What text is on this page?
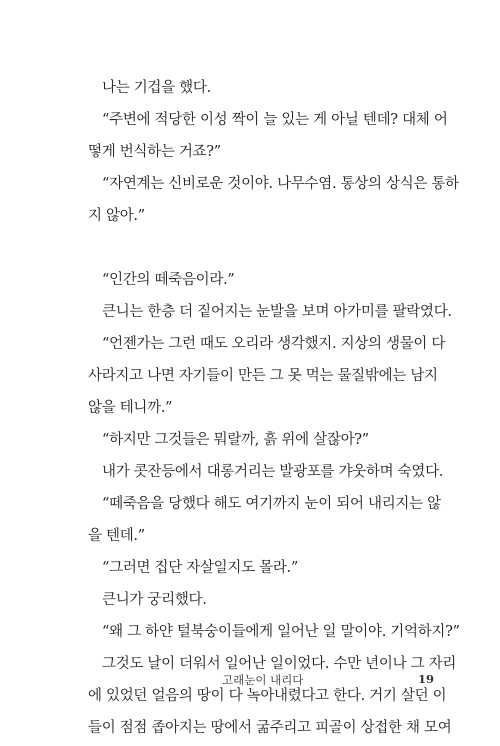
나는 기겁을 했다.

“주변에 적당한 이성 짝이 늘 있는 게 아닐 텐데? 대체 어
떻게 번식하는 거죠?”

“자연계는 신비로운 것이야. 나무수염. 통상의 상식은 통하
지 않아.”

“인간의 떼죽음이라.”

큰니는 한층 더 짙어지는 눈발을 보며 아가미를 팔락였다.

“언젠가는 그런 때도 오리라 생각했지. 지상의 생물이 다
사라지고 나면 자기들이 만든 그 못 먹는 물질밖에는 남지
않을 테니까.”

“하지만 그것들은 뭐랄까, 흙 위에 살잖아?”

내가 콧잔등에서 대롱거리는 발광포를 갸웃하며 숙였다.

“떼죽음을 당했다 해도 여기까지 눈이 되어 내리지는 않
을 텐데.”

“그러면 집단 자살일지도 몰라.”

큰니가 궁리했다.

“왜 그 하얀 털북숭이들에게 일어난 일 말이야. 기억하지?”

그것도 날이 더워서 일어난 일이었다. 수만 년이나 그 자리
에 있었던 얼음의 땅이 다 녹아내렸다고 한다. 거기 살던 이
들이 점점 좁아지는 땅에서 굶주리고 피골이 상접한 채 모여

고래눈이 내리다	19
